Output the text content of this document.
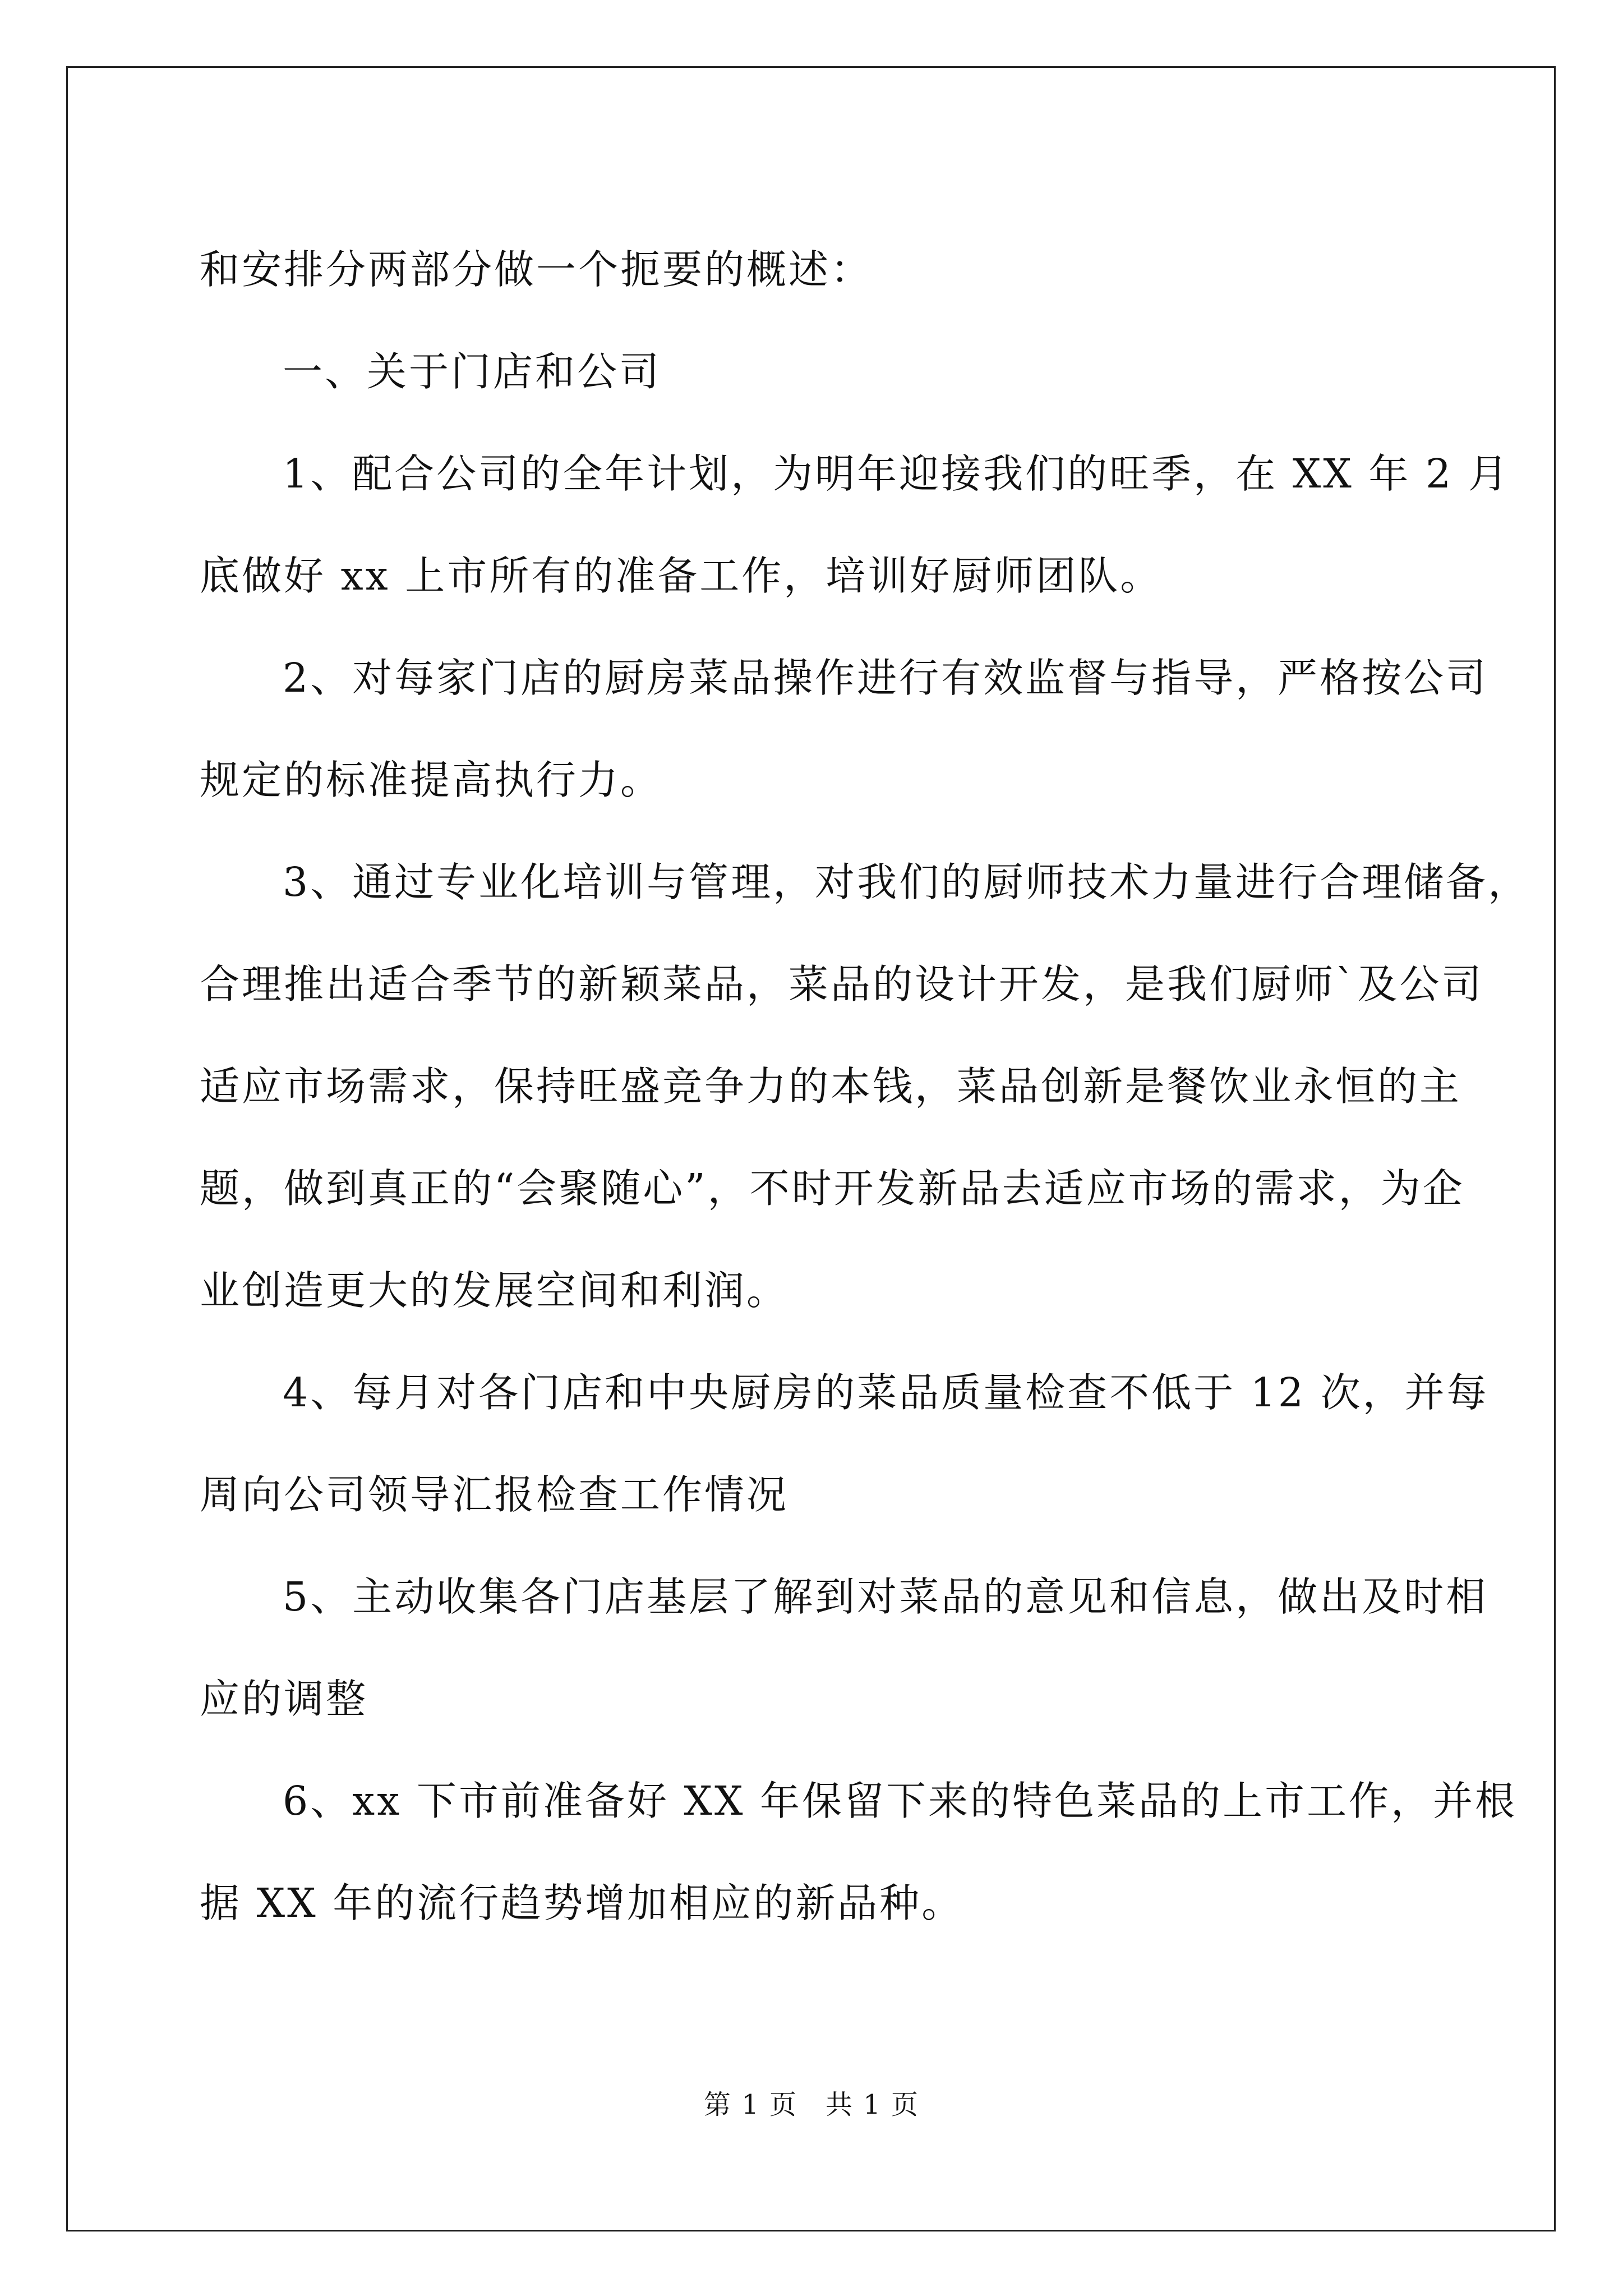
和安排分两部分做一个扼要的概述：

一、关于门店和公司

1、配合公司的全年计划，为明年迎接我们的旺季，在 XX 年 2 月

底做好 xx 上市所有的准备工作，培训好厨师团队。

2、对每家门店的厨房菜品操作进行有效监督与指导，严格按公司

规定的标准提高执行力。

3、通过专业化培训与管理，对我们的厨师技术力量进行合理储备，

合理推出适合季节的新颖菜品，菜品的设计开发，是我们厨师`及公司

适应市场需求，保持旺盛竞争力的本钱，菜品创新是餐饮业永恒的主

题，做到真正的“会聚随心”，不时开发新品去适应市场的需求，为企

业创造更大的发展空间和利润。

4、每月对各门店和中央厨房的菜品质量检查不低于 12 次，并每

周向公司领导汇报检查工作情况

5、主动收集各门店基层了解到对菜品的意见和信息，做出及时相

应的调整

6、xx 下市前准备好 XX 年保留下来的特色菜品的上市工作，并根

据 XX 年的流行趋势增加相应的新品种。

第 1 页　共 1 页
